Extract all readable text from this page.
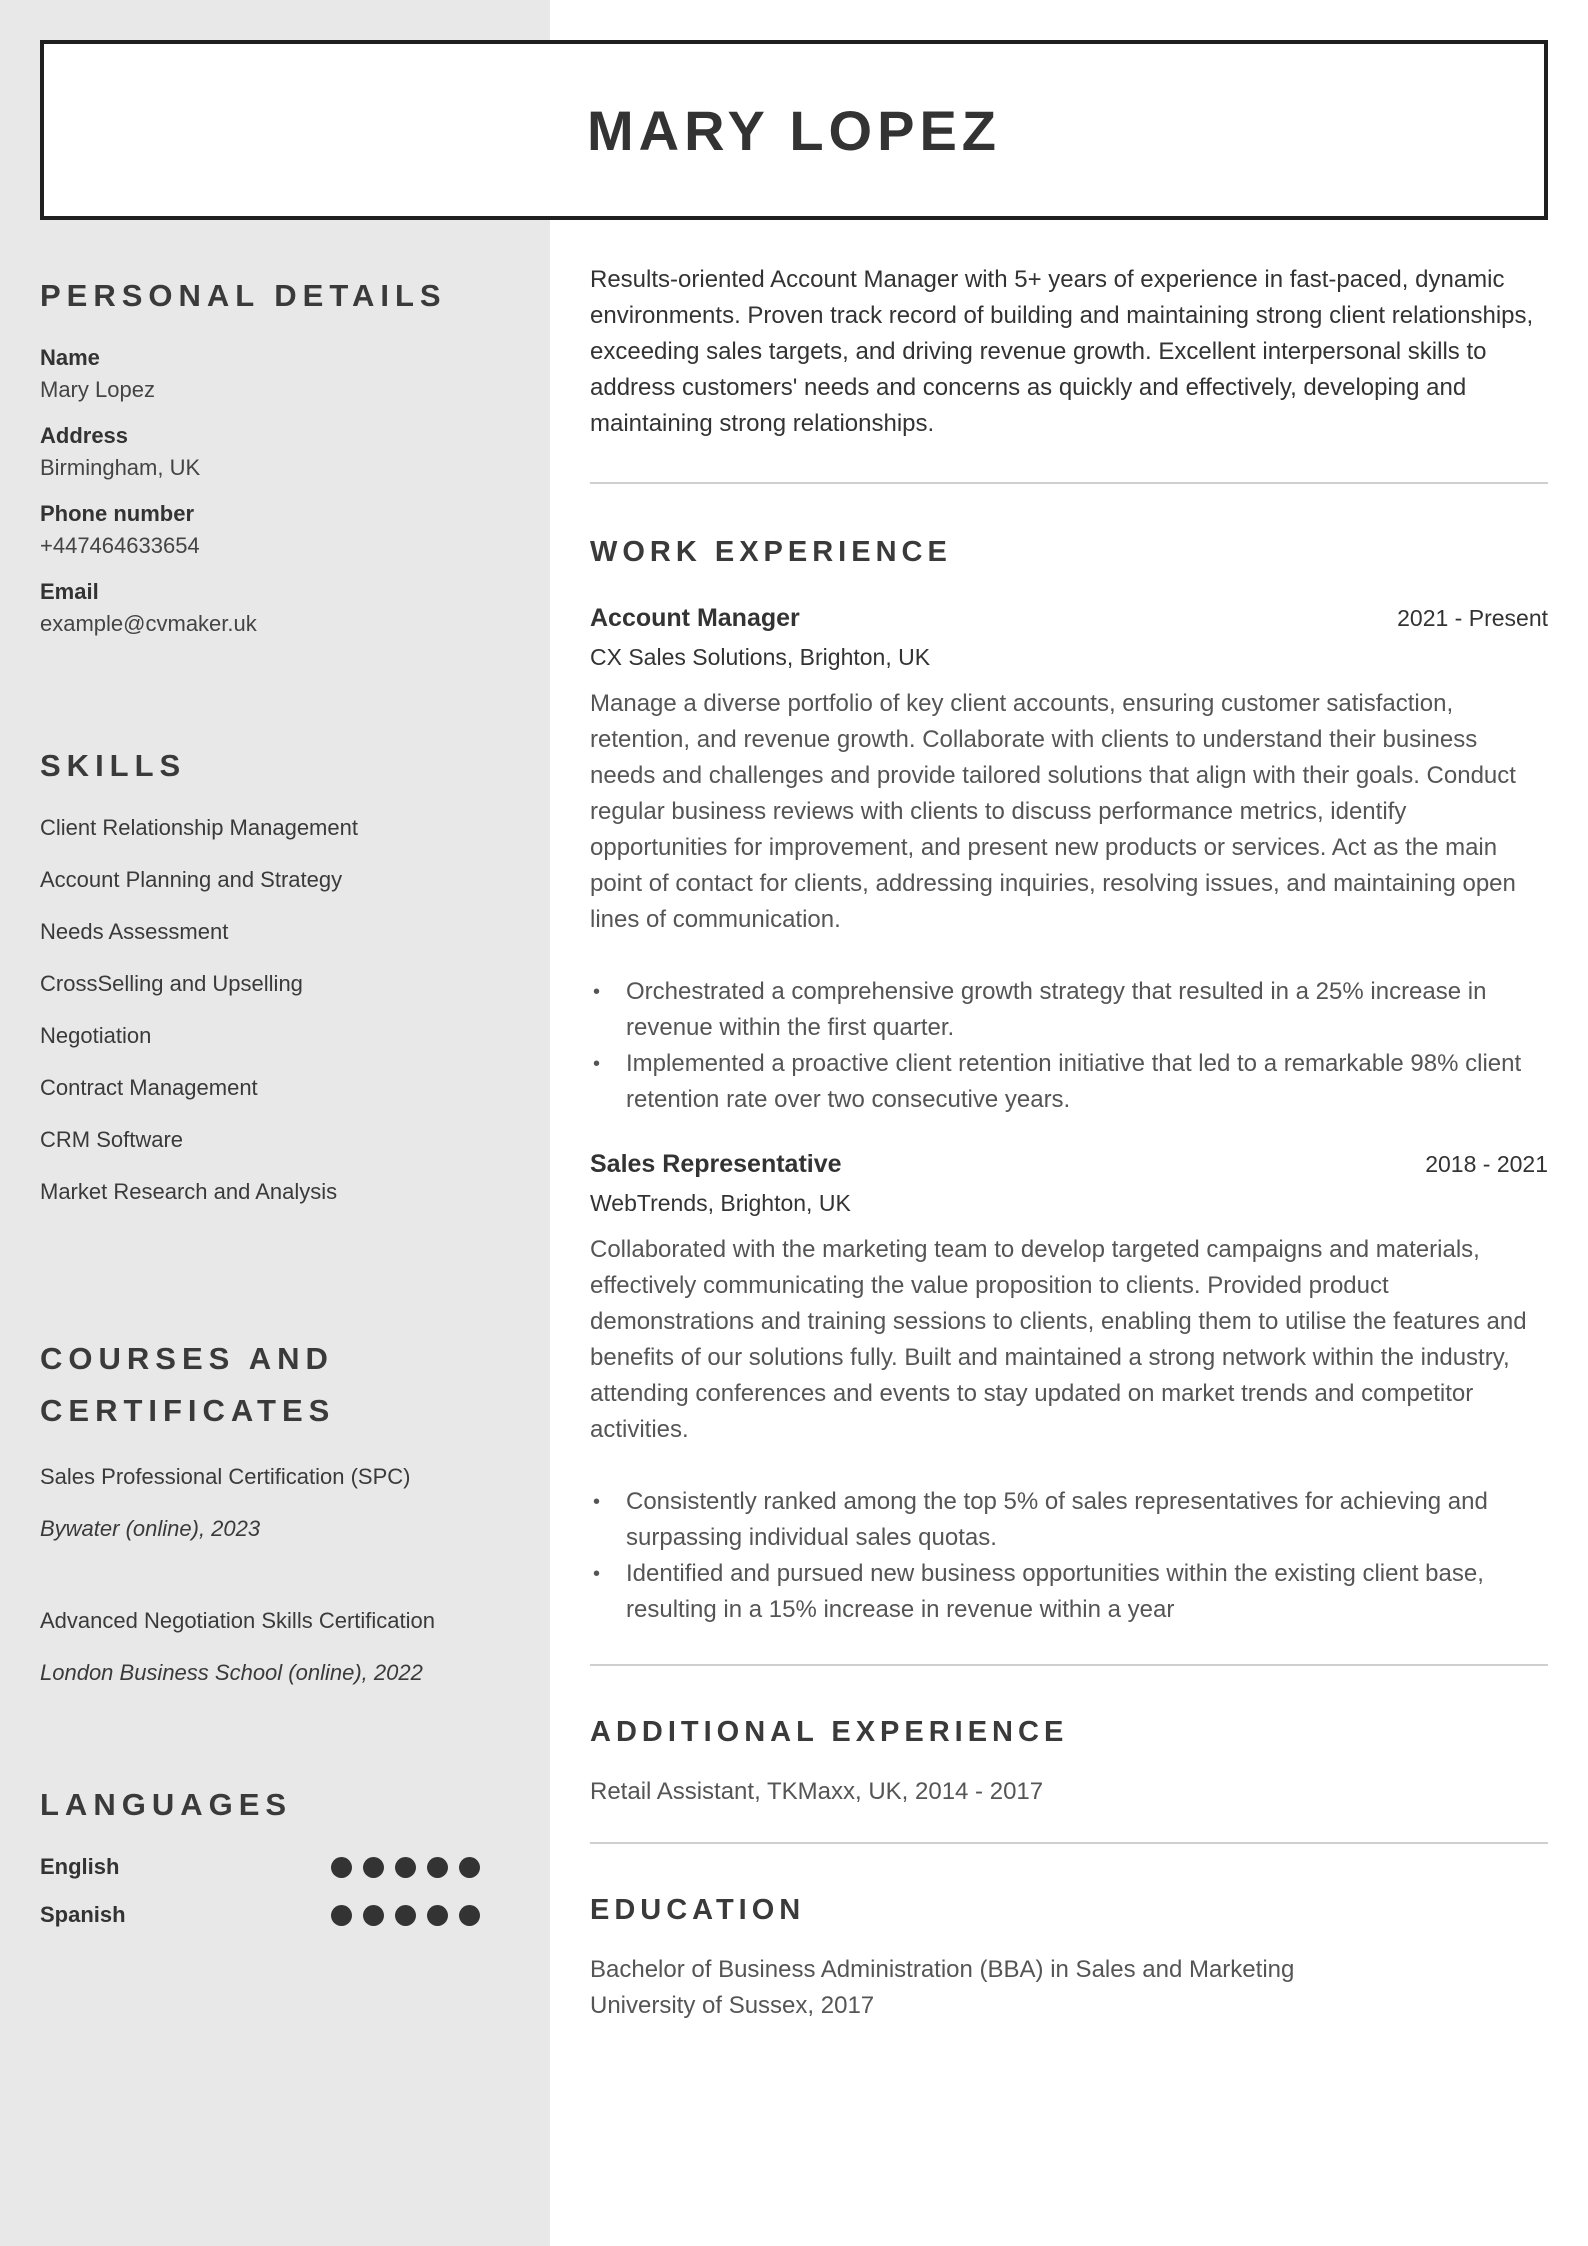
MARY LOPEZ
PERSONAL DETAILS
Name
Mary Lopez
Address
Birmingham, UK
Phone number
+447464633654
Email
example@cvmaker.uk
SKILLS
Client Relationship Management
Account Planning and Strategy
Needs Assessment
CrossSelling and Upselling
Negotiation
Contract Management
CRM Software
Market Research and Analysis
COURSES AND
CERTIFICATES
Sales Professional Certification (SPC)
Bywater (online), 2023
Advanced Negotiation Skills Certification
London Business School (online), 2022
LANGUAGES
English
Spanish

Results-oriented Account Manager with 5+ years of experience in fast-paced, dynamic environments. Proven track record of building and maintaining strong client relationships, exceeding sales targets, and driving revenue growth. Excellent interpersonal skills to address customers' needs and concerns as quickly and effectively, developing and maintaining strong relationships.

WORK EXPERIENCE
Account Manager	2021 - Present
CX Sales Solutions, Brighton, UK

Manage a diverse portfolio of key client accounts, ensuring customer satisfaction, retention, and revenue growth. Collaborate with clients to understand their business needs and challenges and provide tailored solutions that align with their goals. Conduct regular business reviews with clients to discuss performance metrics, identify opportunities for improvement, and present new products or services. Act as the main point of contact for clients, addressing inquiries, resolving issues, and maintaining open lines of communication.

• Orchestrated a comprehensive growth strategy that resulted in a 25% increase in revenue within the first quarter.
• Implemented a proactive client retention initiative that led to a remarkable 98% client retention rate over two consecutive years.
Sales Representative	2018 - 2021
WebTrends, Brighton, UK

Collaborated with the marketing team to develop targeted campaigns and materials, effectively communicating the value proposition to clients. Provided product demonstrations and training sessions to clients, enabling them to utilise the features and benefits of our solutions fully. Built and maintained a strong network within the industry, attending conferences and events to stay updated on market trends and competitor activities.

• Consistently ranked among the top 5% of sales representatives for achieving and surpassing individual sales quotas.
• Identified and pursued new business opportunities within the existing client base, resulting in a 15% increase in revenue within a year
ADDITIONAL EXPERIENCE

Retail Assistant, TKMaxx, UK, 2014 - 2017

EDUCATION
Bachelor of Business Administration (BBA) in Sales and Marketing
University of Sussex, 2017
